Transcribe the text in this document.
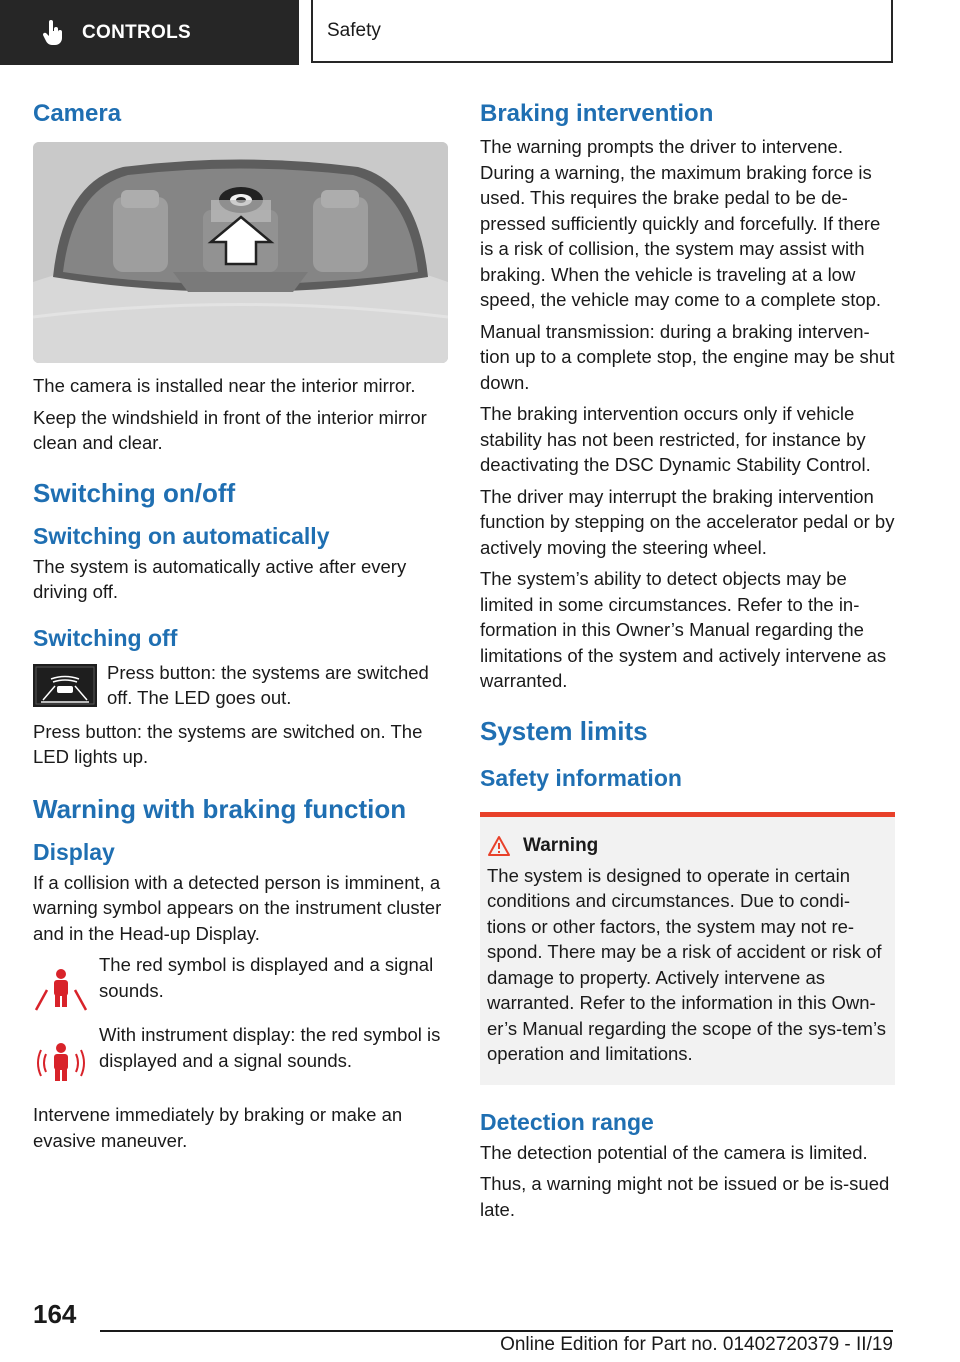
CONTROLS	Safety
Camera

The camera is installed near the interior mirror.

Keep the windshield in front of the interior mirror clean and clear.

Switching on/off
Switching on automatically

The system is automatically active after every driving off.

Switching off

Press button: the systems are switched off. The LED goes out.

Press button: the systems are switched on. The LED lights up.

Warning with braking function
Display

If a collision with a detected person is imminent, a warning symbol appears on the instrument cluster and in the Head-up Display.

The red symbol is displayed and a signal sounds.

With instrument display: the red symbol is displayed and a signal sounds.

Intervene immediately by braking or make an evasive maneuver.

Braking intervention

The warning prompts the driver to intervene. During a warning, the maximum braking force is used. This requires the brake pedal to be de-pressed sufficiently quickly and forcefully. If there is a risk of collision, the system may assist with braking. When the vehicle is traveling at a low speed, the vehicle may come to a complete stop.

Manual transmission: during a braking interven-tion up to a complete stop, the engine may be shut down.

The braking intervention occurs only if vehicle stability has not been restricted, for instance by deactivating the DSC Dynamic Stability Control.

The driver may interrupt the braking intervention function by stepping on the accelerator pedal or by actively moving the steering wheel.

The system’s ability to detect objects may be limited in some circumstances. Refer to the in-formation in this Owner’s Manual regarding the limitations of the system and actively intervene as warranted.

System limits
Safety information
Warning

The system is designed to operate in certain conditions and circumstances. Due to condi-tions or other factors, the system may not re-spond. There may be a risk of accident or risk of damage to property. Actively intervene as warranted. Refer to the information in this Own-er’s Manual regarding the scope of the sys-tem’s operation and limitations.

Detection range

The detection potential of the camera is limited.

Thus, a warning might not be issued or be is-sued late.

164
Online Edition for Part no. 01402720379 - II/19
